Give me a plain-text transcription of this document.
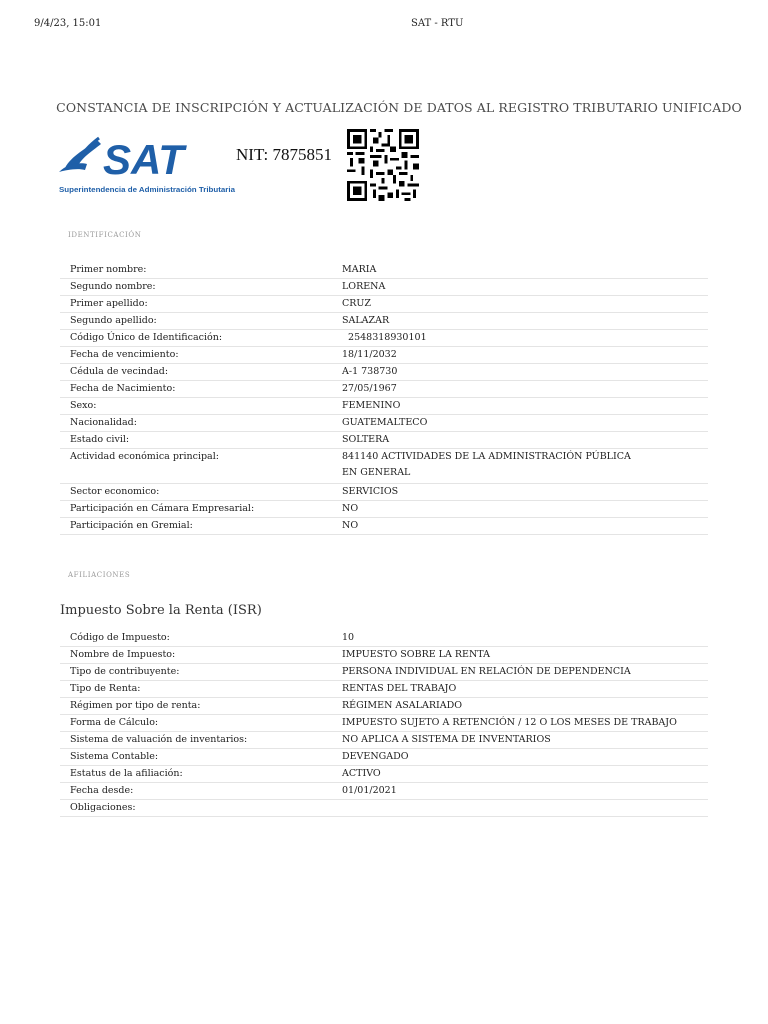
9/4/23, 15:01	SAT - RTU
CONSTANCIA DE INSCRIPCIÓN Y ACTUALIZACIÓN DE DATOS AL REGISTRO TRIBUTARIO UNIFICADO
SAT
Superintendencia de Administración Tributaria
NIT: 7875851
IDENTIFICACIÓN
Primer nombre:	MARIA

Segundo nombre:	LORENA

Primer apellido:	CRUZ

Segundo apellido:	SALAZAR

Código Único de Identificación:	2548318930101

Fecha de vencimiento:	18/11/2032

Cédula de vecindad:	A-1 738730

Fecha de Nacimiento:	27/05/1967

Sexo:	FEMENINO

Nacionalidad:	GUATEMALTECO

Estado civil:	SOLTERA

Actividad económica principal:	841140 ACTIVIDADES DE LA ADMINISTRACIÓN PÚBLICA
EN GENERAL

Sector economico:	SERVICIOS

Participación en Cámara Empresarial:	NO

Participación en Gremial:	NO
AFILIACIONES
Impuesto Sobre la Renta (ISR)
Código de Impuesto:	10

Nombre de Impuesto:	IMPUESTO SOBRE LA RENTA

Tipo de contribuyente:	PERSONA INDIVIDUAL EN RELACIÓN DE DEPENDENCIA

Tipo de Renta:	RENTAS DEL TRABAJO

Régimen por tipo de renta:	RÉGIMEN ASALARIADO

Forma de Cálculo:	IMPUESTO SUJETO A RETENCIÓN / 12 O LOS MESES DE TRABAJO

Sistema de valuación de inventarios:	NO APLICA A SISTEMA DE INVENTARIOS

Sistema Contable:	DEVENGADO

Estatus de la afiliación:	ACTIVO

Fecha desde:	01/01/2021

Obligaciones:	
